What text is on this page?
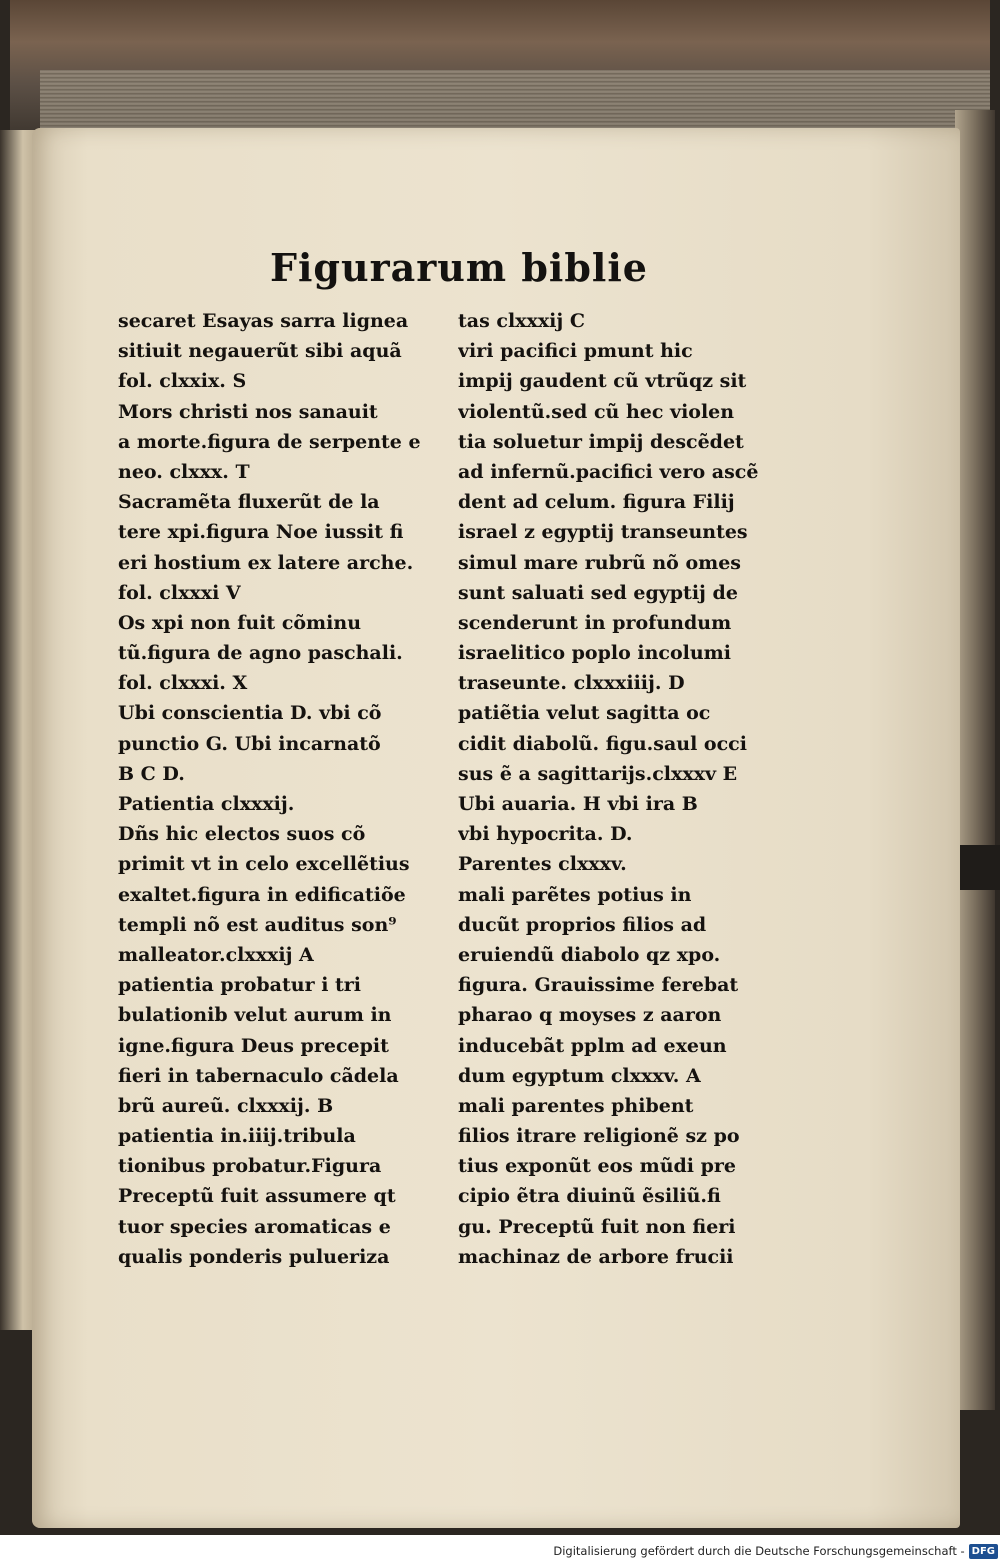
Figurarum biblie
secaret Esayas sarra lignea
sitiuit negauerũt sibi aquã
fol. clxxix. S
Mors christi nos sanauit
a morte.figura de serpente e
neo. clxxx. T
Sacramẽta fluxerũt de la
tere xpi.figura Noe iussit fi
eri hostium ex latere arche.
fol. clxxxi V
Os xpi non fuit cõminu
tũ.figura de agno paschali.
fol. clxxxi. X
Ubi conscientia D. vbi cõ
punctio G. Ubi incarnatõ
B C D.
Patientia clxxxij.
Dñs hic electos suos cõ
primit vt in celo excellẽtius
exaltet.figura in edificatiõe
templi nõ est auditus son⁹
malleator.clxxxij A
patientia probatur i tri
bulationib velut aurum in
igne.figura Deus precepit
fieri in tabernaculo cãdela
brũ aureũ. clxxxij. B
patientia in.iiij.tribula
tionibus probatur.Figura
Preceptũ fuit assumere qt
tuor species aromaticas e
qualis ponderis pulueriza
tas clxxxij C
viri pacifici pmunt hic
impij gaudent cũ vtrũqz sit
violentũ.sed cũ hec violen
tia soluetur impij descẽdet
ad infernũ.pacifici vero ascẽ
dent ad celum. figura Filij
israel z egyptij transeuntes
simul mare rubrũ nõ omes
sunt saluati sed egyptij de
scenderunt in profundum
israelitico poplo incolumi
traseunte. clxxxiiij. D
patiẽtia velut sagitta oc
cidit diabolũ. figu.saul occi
sus ẽ a sagittarijs.clxxxv E
Ubi auaria. H vbi ira B
vbi hypocrita. D.
Parentes clxxxv.
mali parẽtes potius in
ducũt proprios filios ad
eruiendũ diabolo qz xpo.
figura. Grauissime ferebat
pharao q moyses z aaron
inducebãt pplm ad exeun
dum egyptum clxxxv. A
mali parentes phibent
filios itrare religionẽ sz po
tius exponũt eos mũdi pre
cipio ẽtra diuinũ ẽsiliũ.fi
gu. Preceptũ fuit non fieri
machinaz de arbore frucii
Digitalisierung gefördert durch die Deutsche Forschungsgemeinschaft - DFG
